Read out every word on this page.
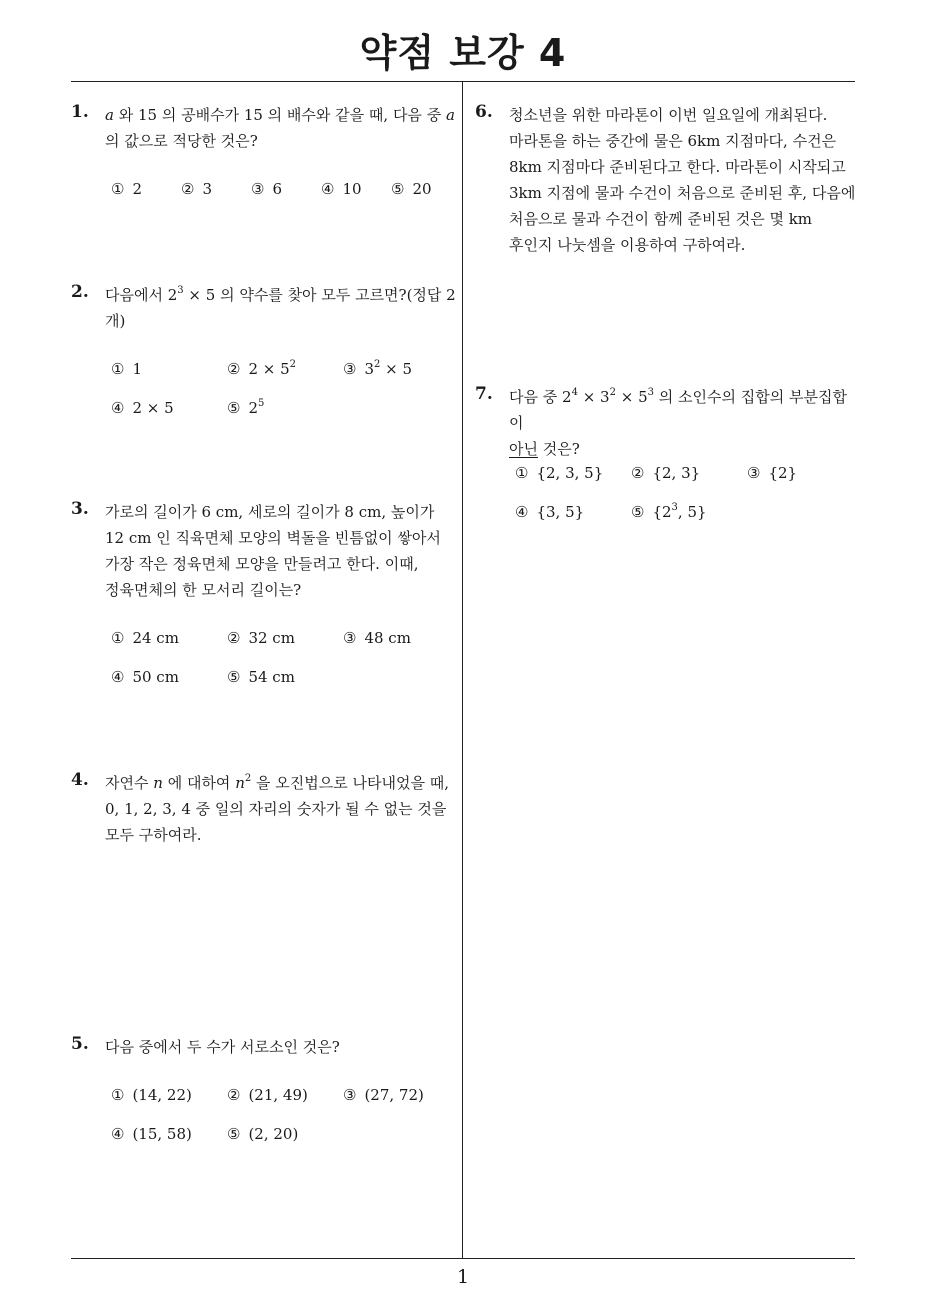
약점 보강 4
1
1. a 와 15 의 공배수가 15 의 배수와 같을 때, 다음 중 a
의 값으로 적당한 것은?
① 2	② 3	③ 6	④ 10 ⑤ 20
2. 다음에서 $2^3 \times 5$ 의 약수를 찾아 모두 고르면?(정답 2
개)
① 1	② $2 \times 5^2$	③ $3^2 \times 5$
④ 2 × 5	⑤ $2^5$
3. 가로의 길이가 6 cm, 세로의 길이가 8 cm, 높이가
12 cm 인 직육면체 모양의 벽돌을 빈틈없이 쌓아서
가장 작은 정육면체 모양을 만들려고 한다. 이때,
정육면체의 한 모서리 길이는?
① 24 cm	② 32 cm	③ 48 cm
④ 50 cm	⑤ 54 cm
4. 자연수 n 에 대하여 $n^2$ 을 오진법으로 나타내었을 때,
0, 1, 2, 3, 4 중 일의 자리의 숫자가 될 수 없는 것을
모두 구하여라.
5. 다음 중에서 두 수가 서로소인 것은?
① (14, 22) ② (21, 49) ③ (27, 72)
④ (15, 58) ⑤ (2, 20)
6. 청소년을 위한 마라톤이 이번 일요일에 개최된다.
마라톤을 하는 중간에 물은 6km 지점마다, 수건은
8km 지점마다 준비된다고 한다. 마라톤이 시작되고
3km 지점에 물과 수건이 처음으로 준비된 후, 다음에
처음으로 물과 수건이 함께 준비된 것은 몇 km
후인지 나눗셈을 이용하여 구하여라.
7. 다음 중 $2^4 \times 3^2 \times 5^3$ 의 소인수의 집합의 부분집합이
아닌 것은?
① {2, 3, 5} ② {2, 3}	③ {2}
④ {3, 5}	⑤ {$2^3$, 5}
